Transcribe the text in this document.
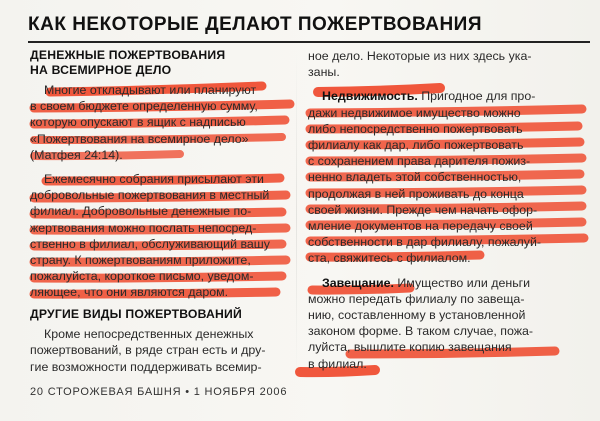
КАК НЕКОТОРЫЕ ДЕЛАЮТ ПОЖЕРТВОВАНИЯ
ДЕНЕЖНЫЕ ПОЖЕРТВОВАНИЯ
НА ВСЕМИРНОЕ ДЕЛО
Многие откладывают или планируют
в своем бюджете определенную сумму,
которую опускают в ящик с надписью
«Пожертвования на всемирное дело»
(Матфея 24:14).
Ежемесячно собрания присылают эти
добровольные пожертвования в местный
филиал. Добровольные денежные по-
жертвования можно послать непосред-
ственно в филиал, обслуживающий вашу
страну. К пожертвованиям приложите,
пожалуйста, короткое письмо, уведом-
ляющее, что они являются даром.
ДРУГИЕ ВИДЫ ПОЖЕРТВОВАНИЙ
Кроме непосредственных денежных
пожертвований, в ряде стран есть и дру-
гие возможности поддерживать всемир-
ное дело. Некоторые из них здесь ука-
заны.
Недвижимость. Пригодное для про-
дажи недвижимое имущество можно
либо непосредственно пожертвовать
филиалу как дар, либо пожертвовать
с сохранением права дарителя пожиз-
ненно владеть этой собственностью,
продолжая в ней проживать до конца
своей жизни. Прежде чем начать офор-
мление документов на передачу своей
собственности в дар филиалу, пожалуй-
ста, свяжитесь с филиалом.
Завещание. Имущество или деньги
можно передать филиалу по завеща-
нию, составленному в установленной
законом форме. В таком случае, пожа-
луйста, вышлите копию завещания
в филиал.
20 СТОРОЖЕВАЯ БАШНЯ • 1 НОЯБРЯ 2006
